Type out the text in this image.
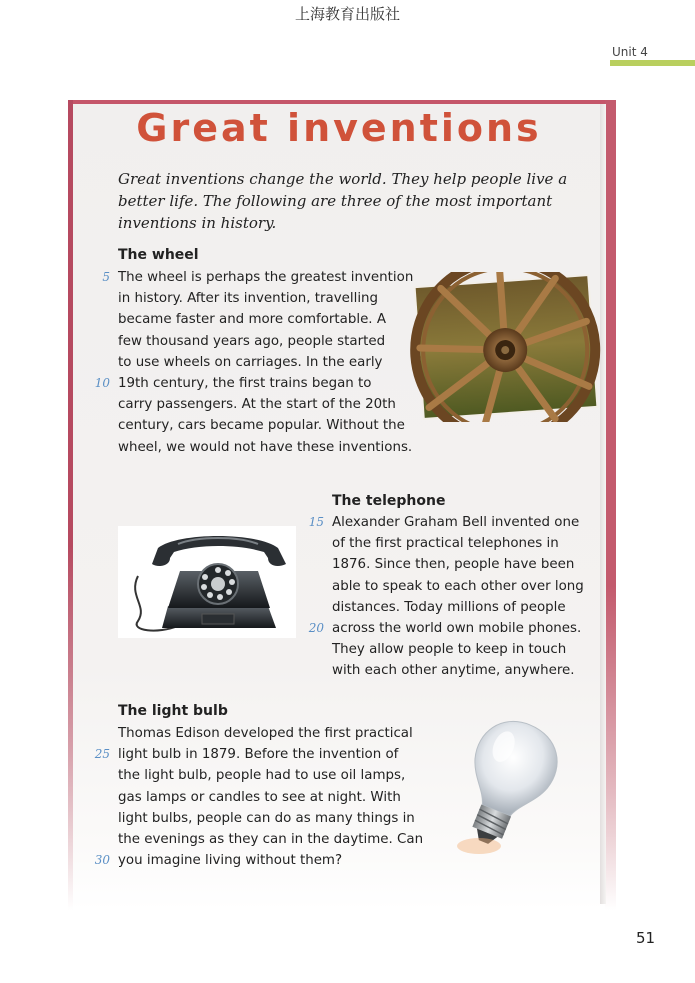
上海教育出版社
Unit 4
Great inventions
Great inventions change the world. They help people live a better life. The following are three of the most important inventions in history.
The wheel
5 The wheel is perhaps the greatest invention
in history. After its invention, travelling
became faster and more comfortable. A
few thousand years ago, people started
to use wheels on carriages. In the early
10 19th century, the first trains began to
carry passengers. At the start of the 20th
century, cars became popular. Without the
wheel, we would not have these inventions.
The telephone
15 Alexander Graham Bell invented one
of the first practical telephones in
1876. Since then, people have been
able to speak to each other over long
distances. Today millions of people
20 across the world own mobile phones.
They allow people to keep in touch
with each other anytime, anywhere.
The light bulb
Thomas Edison developed the first practical
25 light bulb in 1879. Before the invention of
the light bulb, people had to use oil lamps,
gas lamps or candles to see at night. With
light bulbs, people can do as many things in
the evenings as they can in the daytime. Can
30 you imagine living without them?
51
